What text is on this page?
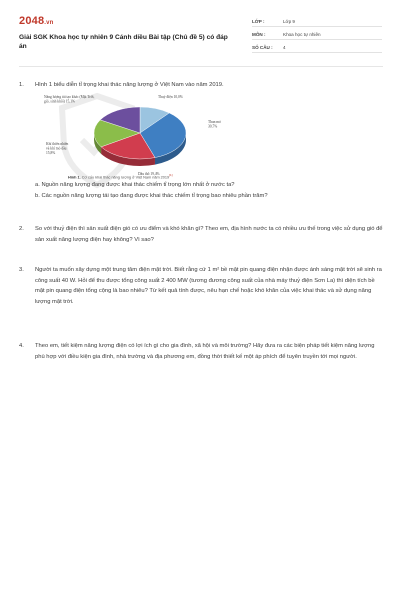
2048.vn
Giải SGK Khoa học tự nhiên 9 Cánh diều Bài tập (Chủ đề 5) có đáp án
LỚP :	Lớp 9
MÔN :	Khoa học tự nhiên
SỐ CÂU :	4
1. Hình 1 biểu diễn tỉ trọng khai thác năng lượng ở Việt Nam vào năm 2019.

Thuỷ điện 10,0%
Than mỏ 30,7%
Dầu thô 19,4%
Khí thiên nhiên và khí mỏ dầu 15,8%
Năng lượng tái tạo khác (Mặt Trời, gió, sinh khối) 15,1%
Hình 1. Cơ cấu khai thác năng lượng ở Việt Nam năm 2019[1]

a. Nguồn năng lượng đang được khai thác chiếm tỉ trọng lớn nhất ở nước ta?

b. Các nguồn năng lượng tái tạo đang được khai thác chiếm tỉ trọng bao nhiêu phần trăm?

2. So với thuỷ điện thì sản xuất điện gió có ưu điểm và khó khăn gì? Theo em, địa hình nước ta có nhiều ưu thế trong việc sử dụng gió để sản xuất năng lượng điện hay không? Vì sao?

3. Người ta muốn xây dựng một trung tâm điện mặt trời. Biết rằng cứ 1 m² bề mặt pin quang điện nhận được ánh sáng mặt trời sẽ sinh ra công suất 40 W. Hỏi để thu được tổng công suất 2 400 MW (tương đương công suất của nhà máy thuỷ điện Sơn La) thì diện tích bề mặt pin quang điện tổng cộng là bao nhiêu? Từ kết quả tính được, nêu hạn chế hoặc khó khăn của việc khai thác và sử dụng năng lượng mặt trời.

4. Theo em, tiết kiệm năng lượng điện có lợi ích gì cho gia đình, xã hội và môi trường? Hãy đưa ra các biện pháp tiết kiệm năng lượng phù hợp với điều kiện gia đình, nhà trường và địa phương em, đồng thời thiết kế một áp phích để tuyên truyền tới mọi người.
